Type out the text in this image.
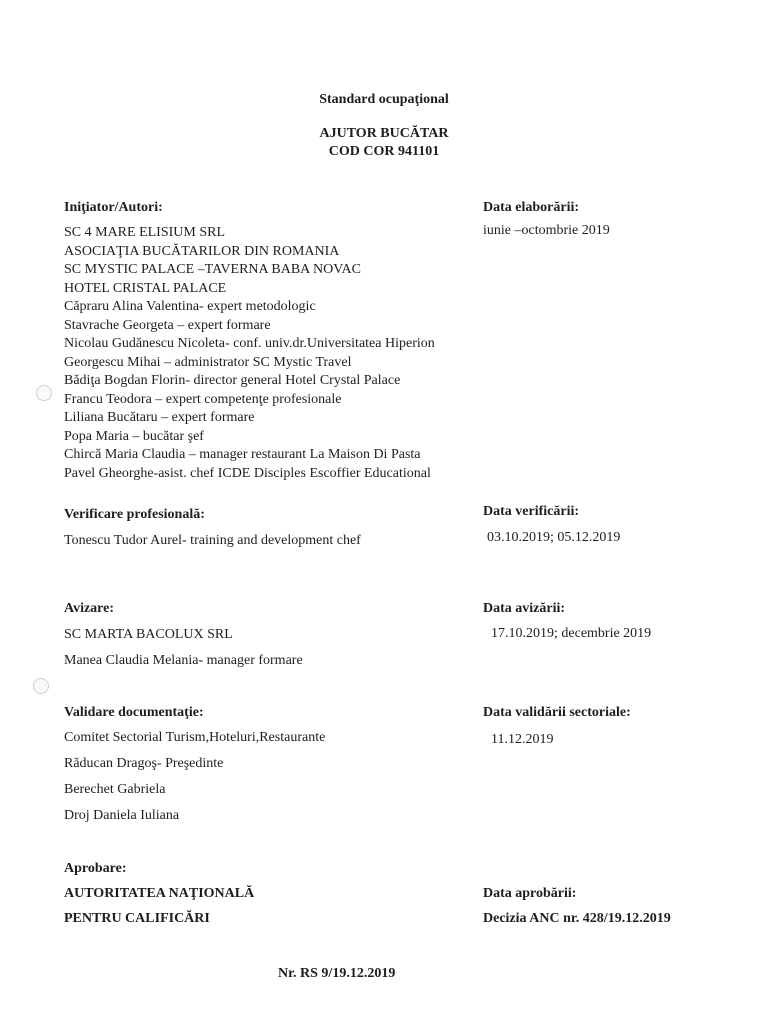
Standard ocupaţional
AJUTOR BUCĂTAR
COD COR 941101
Iniţiator/Autori:
SC 4 MARE ELISIUM SRL
ASOCIAŢIA BUCĂTARILOR DIN ROMANIA
SC MYSTIC PALACE –TAVERNA BABA NOVAC
HOTEL CRISTAL PALACE
Căpraru Alina Valentina- expert metodologic
Stavrache Georgeta – expert formare
Nicolau Gudănescu Nicoleta- conf. univ.dr.Universitatea Hiperion
Georgescu Mihai – administrator SC Mystic Travel
Bădiţa Bogdan Florin- director general Hotel Crystal Palace
Francu Teodora – expert competenţe profesionale
Liliana Bucătaru – expert formare
Popa Maria – bucătar şef
Chircă Maria Claudia – manager restaurant La Maison Di Pasta
Pavel Gheorghe-asist. chef ICDE Disciples Escoffier Educational
Data elaborării:
iunie –octombrie 2019
Verificare profesională:
Tonescu Tudor Aurel- training and development chef
Data verificării:
03.10.2019; 05.12.2019
Avizare:
SC MARTA BACOLUX SRL
Manea Claudia Melania- manager formare
Data avizării:
17.10.2019; decembrie 2019
Validare documentaţie:
Comitet Sectorial Turism,Hoteluri,Restaurante
Răducan Dragoş- Preşedinte
Berechet Gabriela
Droj Daniela Iuliana
Data validării sectoriale:
11.12.2019
Aprobare:
AUTORITATEA NAŢIONALĂ
PENTRU CALIFICĂRI
Data aprobării:
Decizia ANC nr. 428/19.12.2019
Nr. RS 9/19.12.2019
